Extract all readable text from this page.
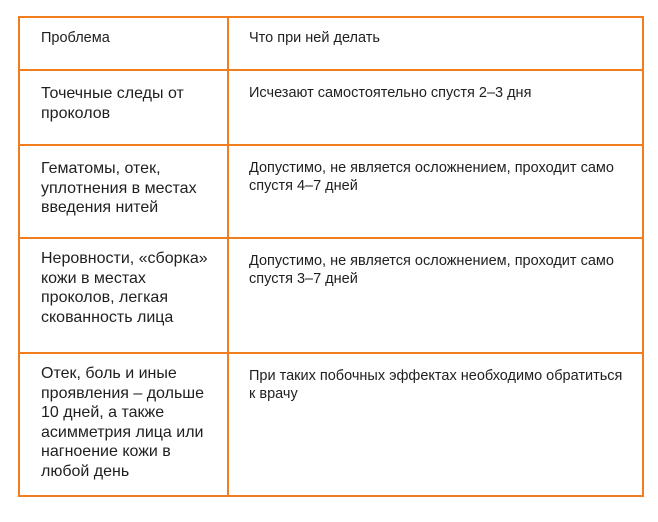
Проблема	Что при ней делать

Точечные следы от проколов	Исчезают самостоятельно спустя 2–3 дня

Гематомы, отек, уплотнения в местах введения нитей	Допустимо, не является осложнением, проходит само спустя 4–7 дней

Неровности, «сборка» кожи в местах проколов, легкая скованность лица	Допустимо, не является осложнением, проходит само спустя 3–7 дней

Отек, боль и иные проявления – дольше 10 дней, а также асимметрия лица или нагноение кожи в любой день	При таких побочных эффектах необходимо обратиться к врачу
